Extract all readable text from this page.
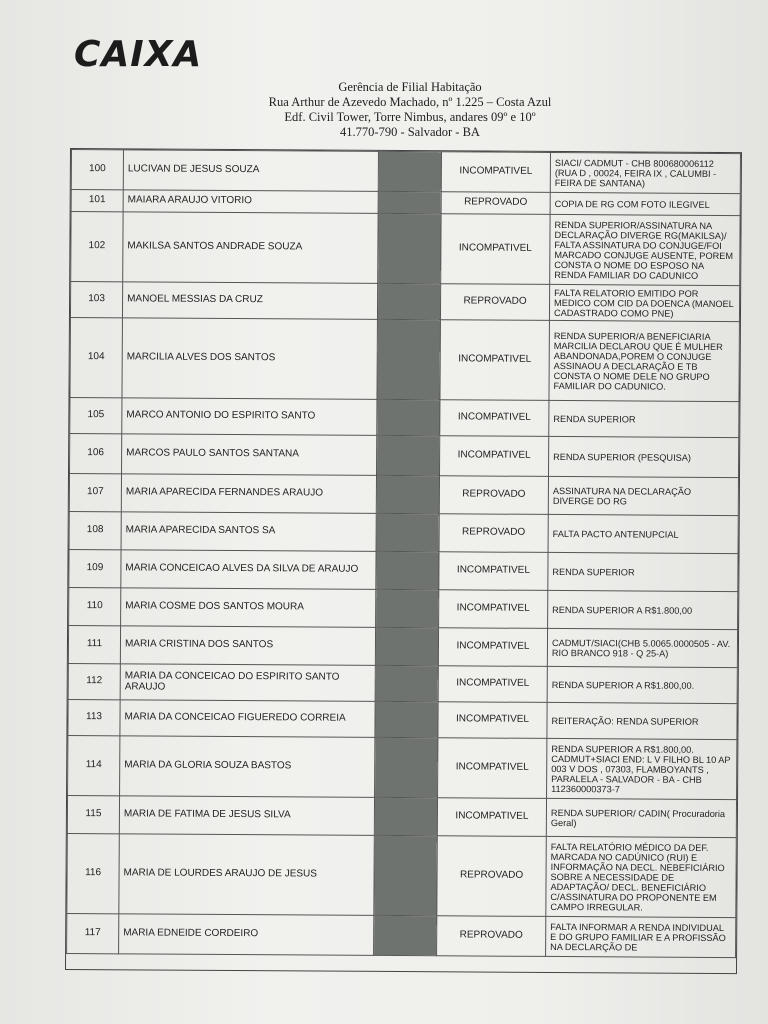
CAIXA
Gerência de Filial Habitação
Rua Arthur de Azevedo Machado, nº 1.225 – Costa Azul
Edf. Civil Tower, Torre Nimbus, andares 09º e 10º
41.770-790 - Salvador - BA
100	LUCIVAN DE JESUS SOUZA		INCOMPATIVEL	SIACI/ CADMUT - CHB 800680006112 (RUA D , 00024, FEIRA IX , CALUMBI - FEIRA DE SANTANA)
101	MAIARA ARAUJO VITORIO		REPROVADO	COPIA DE RG COM FOTO ILEGIVEL
102	MAKILSA SANTOS ANDRADE SOUZA		INCOMPATIVEL	RENDA SUPERIOR/ASSINATURA NA DECLARAÇÃO DIVERGE RG(MAKILSA)/ FALTA ASSINATURA DO CONJUGE/FOI MARCADO CONJUGE AUSENTE, POREM CONSTA O NOME DO ESPOSO NA RENDA FAMILIAR DO CADUNICO
103	MANOEL MESSIAS DA CRUZ		REPROVADO	FALTA RELATORIO EMITIDO POR MEDICO COM CID DA DOENCA (MANOEL CADASTRADO COMO PNE)
104	MARCILIA ALVES DOS SANTOS		INCOMPATIVEL	RENDA SUPERIOR/A BENEFICIARIA MARCILIA DECLAROU QUE É MULHER ABANDONADA,POREM O CONJUGE ASSINAOU A DECLARAÇÃO E TB CONSTA O NOME DELE NO GRUPO FAMILIAR DO CADUNICO.
105	MARCO ANTONIO DO ESPIRITO SANTO		INCOMPATIVEL	RENDA SUPERIOR
106	MARCOS PAULO SANTOS SANTANA		INCOMPATIVEL	RENDA SUPERIOR (PESQUISA)
107	MARIA APARECIDA FERNANDES ARAUJO		REPROVADO	ASSINATURA NA DECLARAÇÃO DIVERGE DO RG
108	MARIA APARECIDA SANTOS SA		REPROVADO	FALTA PACTO ANTENUPCIAL
109	MARIA CONCEICAO ALVES DA SILVA DE ARAUJO		INCOMPATIVEL	RENDA SUPERIOR
110	MARIA COSME DOS SANTOS MOURA		INCOMPATIVEL	RENDA SUPERIOR A R$1.800,00
111	MARIA CRISTINA DOS SANTOS		INCOMPATIVEL	CADMUT/SIACI(CHB 5.0065.0000505 - AV. RIO BRANCO 918 - Q 25-A)
112	MARIA DA CONCEICAO DO ESPIRITO SANTO ARAUJO		INCOMPATIVEL	RENDA SUPERIOR A R$1.800,00.
113	MARIA DA CONCEICAO FIGUEREDO CORREIA		INCOMPATIVEL	REITERAÇÃO: RENDA SUPERIOR
114	MARIA DA GLORIA SOUZA BASTOS		INCOMPATIVEL	RENDA SUPERIOR A R$1.800,00. CADMUT+SIACI END: L V FILHO BL 10 AP 003 V DOS , 07303, FLAMBOYANTS , PARALELA - SALVADOR - BA - CHB 112360000373-7
115	MARIA DE FATIMA DE JESUS SILVA		INCOMPATIVEL	RENDA SUPERIOR/ CADIN( Procuradoria Geral)
116	MARIA DE LOURDES ARAUJO DE JESUS		REPROVADO	FALTA RELATÓRIO MÉDICO DA DEF. MARCADA NO CADÚNICO (RUI) E INFORMAÇÃO NA DECL. NEBEFICIÁRIO SOBRE A NECESSIDADE DE ADAPTAÇÃO/ DECL. BENEFICIÁRIO C/ASSINATURA DO PROPONENTE EM CAMPO IRREGULAR.
117	MARIA EDNEIDE CORDEIRO		REPROVADO	FALTA INFORMAR A RENDA INDIVIDUAL E DO GRUPO FAMILIAR E A PROFISSÃO NA DECLARÇÃO DE
